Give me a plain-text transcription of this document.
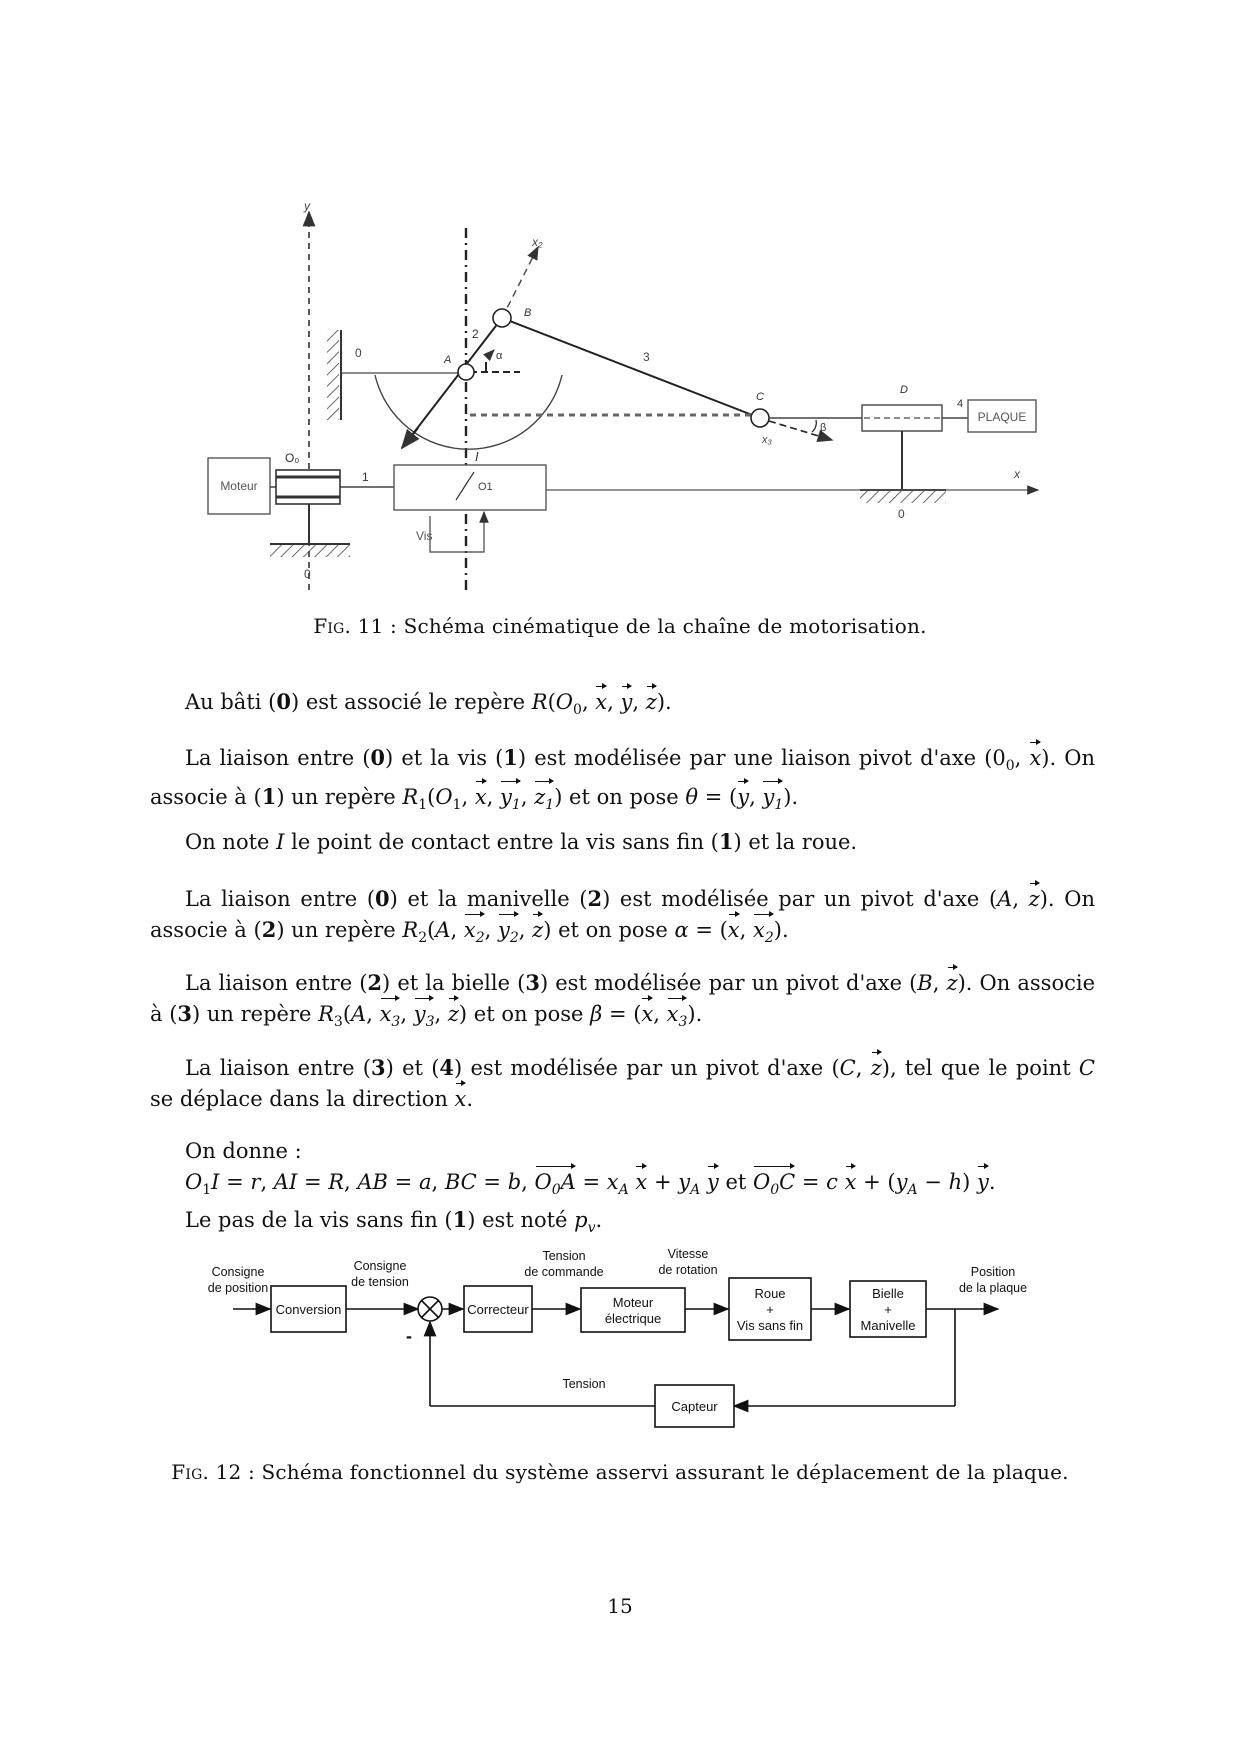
y
0
x₂
3
α
A
B
2
C
I
x₃
β
D
4
PLAQUE
0
x
Moteur
O₀
1
0
O1
Vis
Fig. 11 : Schéma cinématique de la chaîne de motorisation.
Au bâti (0) est associé le repère $R(O_0$, x, y, z).
La liaison entre (0) et la vis (1) est modélisée par une liaison pivot d'axe ($0_0$, x). On associe à (1) un repère $R_1(O_1$, x, $y_1$, $z_1$) et on pose θ = (y, $y_1$).
On note I le point de contact entre la vis sans fin (1) et la roue.
La liaison entre (0) et la manivelle (2) est modélisée par un pivot d'axe (A, z). On associe à (2) un repère $R_2(A$, $x_2$, $y_2$, z) et on pose α = (x, $x_2$).
La liaison entre (2) et la bielle (3) est modélisée par un pivot d'axe (B, z). On associe à (3) un repère $R_3(A$, $x_3$, $y_3$, z) et on pose β = (x, $x_3$).
La liaison entre (3) et (4) est modélisée par un pivot d'axe (C, z), tel que le point C se déplace dans la direction x.
On donne :
$O_1I = r$, AI = R, AB = a, BC = b, $O_0A = x_A$ $x + y_A$ y et $O_0C = c$ $x + (y_A - h)$ y.
Le pas de la vis sans fin (1) est noté $p_v$.
-
Conversion	Correcteur	Moteur
électrique
Roue
+
Vis sans fin
Bielle
+
Manivelle
Capteur
Consigne
de position
Consigne
de tension
Tension
de commande
Vitesse
de rotation	Position
de la plaque
Tension
Fig. 12 : Schéma fonctionnel du système asservi assurant le déplacement de la plaque.
15
